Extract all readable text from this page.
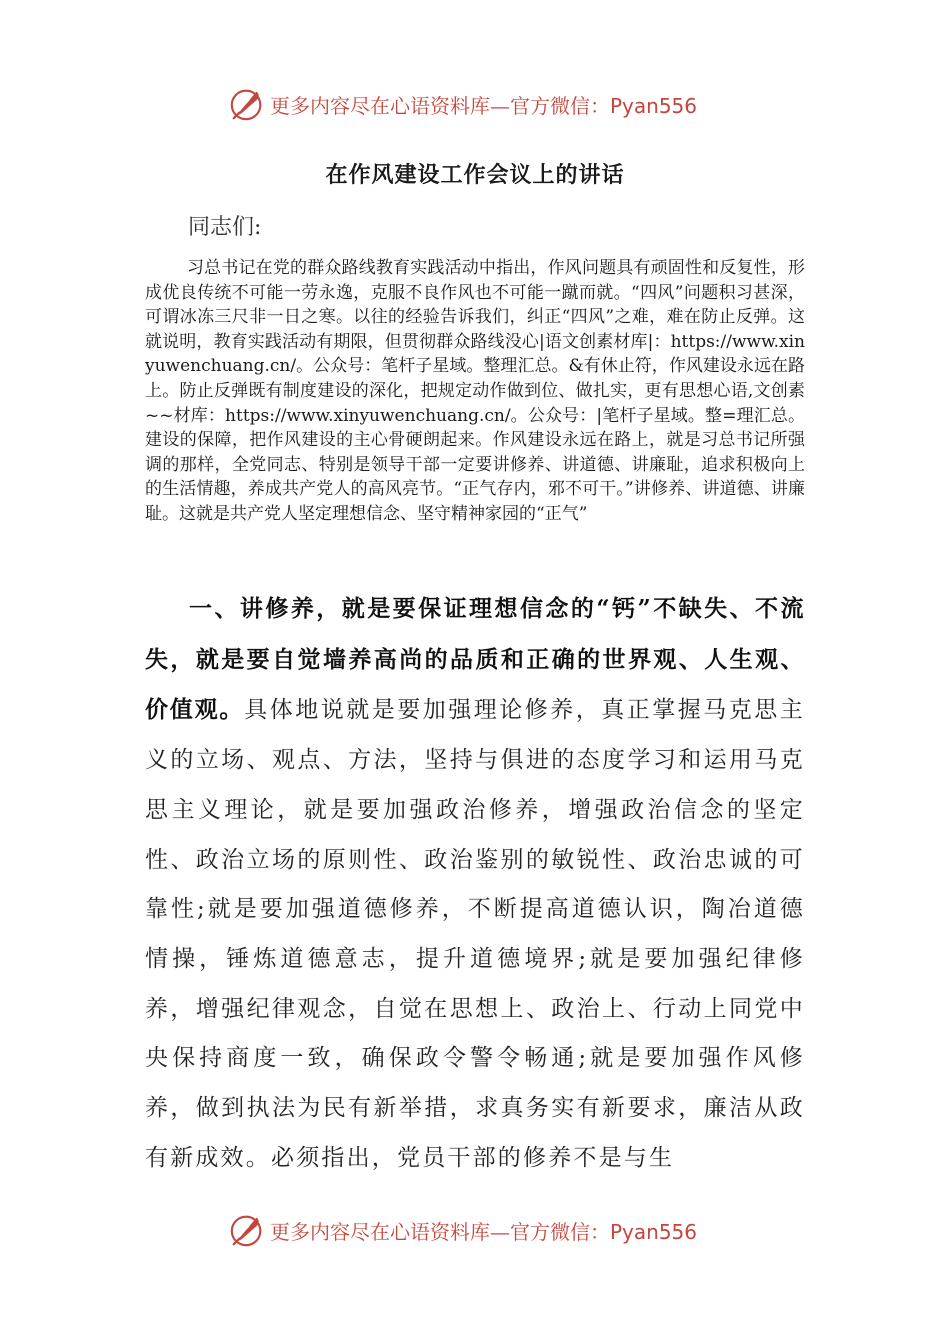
更多内容尽在心语资料库—官方微信：Pyan556
在作风建设工作会议上的讲话
同志们:
习总书记在党的群众路线教育实践活动中指出，作风问题具有顽固性和反复性，形成优良传统不可能一劳永逸，克服不良作风也不可能一蹴而就。“四风”问题积习甚深，可谓冰冻三尺非一日之寒。以往的经验告诉我们，纠正“四风”之难，难在防止反弹。这就说明，教育实践活动有期限，但贯彻群众路线没心|语文创素材库|：https://www.xinyuwenchuang.cn/。公众号：笔杆子星域。整理汇总。&有休止符，作风建设永远在路上。防止反弹既有制度建设的深化，把规定动作做到位、做扎实，更有思想心语,文创素~~材库：https://www.xinyuwenchuang.cn/。公众号：|笔杆子星域。整=理汇总。建设的保障，把作风建设的主心骨硬朗起来。作风建设永远在路上，就是习总书记所强调的那样，全党同志、特别是领导干部一定要讲修养、讲道德、讲廉耻，追求积极向上的生活情趣，养成共产党人的高风亮节。“正气存内，邪不可干。”讲修养、讲道德、讲廉耻。这就是共产党人坚定理想信念、坚守精神家园的“正气”
一、讲修养，就是要保证理想信念的“钙”不缺失、不流失，就是要自觉墙养高尚的品质和正确的世界观、人生观、价值观。具体地说就是要加强理论修养，真正掌握马克思主义的立场、观点、方法，坚持与俱进的态度学习和运用马克思主义理论，就是要加强政治修养，增强政治信念的坚定性、政治立场的原则性、政治鉴别的敏锐性、政治忠诚的可靠性;就是要加强道德修养，不断提高道德认识，陶冶道德情操，锤炼道德意志，提升道德境界;就是要加强纪律修养，增强纪律观念，自觉在思想上、政治上、行动上同党中央保持商度一致，确保政令警令畅通;就是要加强作风修养，做到执法为民有新举措，求真务实有新要求，廉洁从政有新成效。必须指出，党员干部的修养不是与生
更多内容尽在心语资料库—官方微信：Pyan556
